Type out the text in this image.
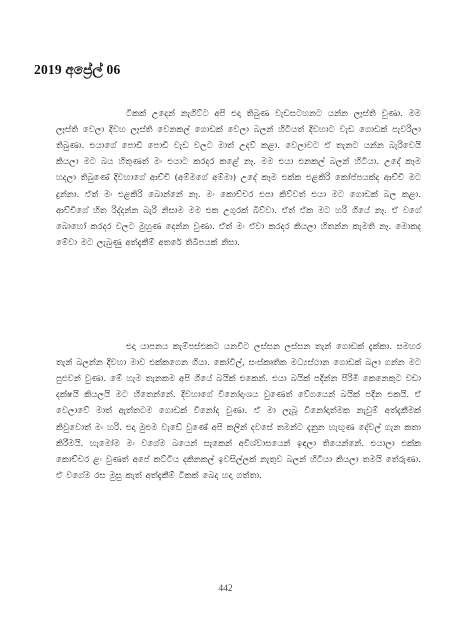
2019 අප්‍රේල් 06

ටිකක් උදෙන් නැගිට්ට අපි එදා තිබුණ වැඩසටහනට යන්න ලෑස්ති වුණා. මම ලෑස්ති වෙලා දිවහ ලෑස්ති වෙනකල් ගොඩක් වෙලා බලන් හිටියත් දිවහාට වැඩ ගොඩක් පැවරිලා තිබුණා. එයාගේ පොඩි පොඩි වැඩ වලට මාත් උදව් කළා. වෙලාවට ඒ තැනට යන්න බැරිවෙයි කියලා මට බය හිතුණත් මං එයාට කරදර කළේ නෑ. මම එයා එනකල් බලන් හිටියා. උදේ කෑම හදලා තිබුණේ දිවහාගේ ආච්චි (අම්මගේ අම්මා) උදේ කෑම එක්ක එළකිරි කෝප්පයක්ද ආච්චි මට දුන්නා. ඒත් මං එළකිරි බොන්නේ නෑ. මං කොච්චර එපා කිව්වත් එයා මට ගොඩක් බල කළා. ආච්චිගේ හිත රිද්දන්න බැරි නිසාම මම එක උගුරක් බිව්වා. ඒත් ඒක මට හරි ගියේ නෑ. ඒ වගේ බොහෝ කරදර වලට මුහුණ දෙන්න වුණා. ඒත් මං ඒවා කරදර කියලා හිතන්න කැමති නෑ. මොකද මේවා මට ලැබුණු අත්දැකීම් අතරේ තිබිපයක් නිසා.

එදා යාපනය කැම්පස්එකට යනවිට ලස්සන ලස්සන තැන් ගොඩක් දැක්කා. සමහර තැන් බලන්න දිවහා මාව එක්කගෙන ගියා. කෝවිල්, සංස්කෘතික මධ්‍යස්ථාන ගොඩක් බලා ගන්න මට පුළුවන් වුණා. මේ හැම තැනකම අපි ගියේ බයික් එකෙන්. එයා බයික් පදින්න පිරිමි කෙනෙකුට වඩා දක්ෂයි කියලයි මට හිතෙන්නේ. දිවහාගේ විනෝදාංශය වුණෙත් වේගයෙන් බයික් පදින එකයි. ඒ වෙලාවේ මාත් ඇත්තටම ගොඩක් විනෝද වුණා. ඒ මා ලැබූ විනෝදාත්මක නැවුම් අත්දැකීමක් කිවුවොත් මං හරි. එදා මුළුම වැඩේ වුණේ අපි කලින් දවසේ තමන්ට දැනුන හැඟුණ දේවල් ගැන කතා කිරීමයි. හැමෝම මං වගේම බයෙන් සැකෙන් අවිශ්වාසයෙන් ඉඳලා තියෙන්නේ. එයාලා එක්ක කොච්චර ළං වුණත් අපේ කට්ටිය දකිනකල් ඉවසිල්ලක් නැතුව බලන් හිටියා කියලා තමයි තේරුණා. ඒ වගේම රස මුසු කැත් අත්දැකීම් ටිකක් බෙදා හදා ගත්තා.

442
